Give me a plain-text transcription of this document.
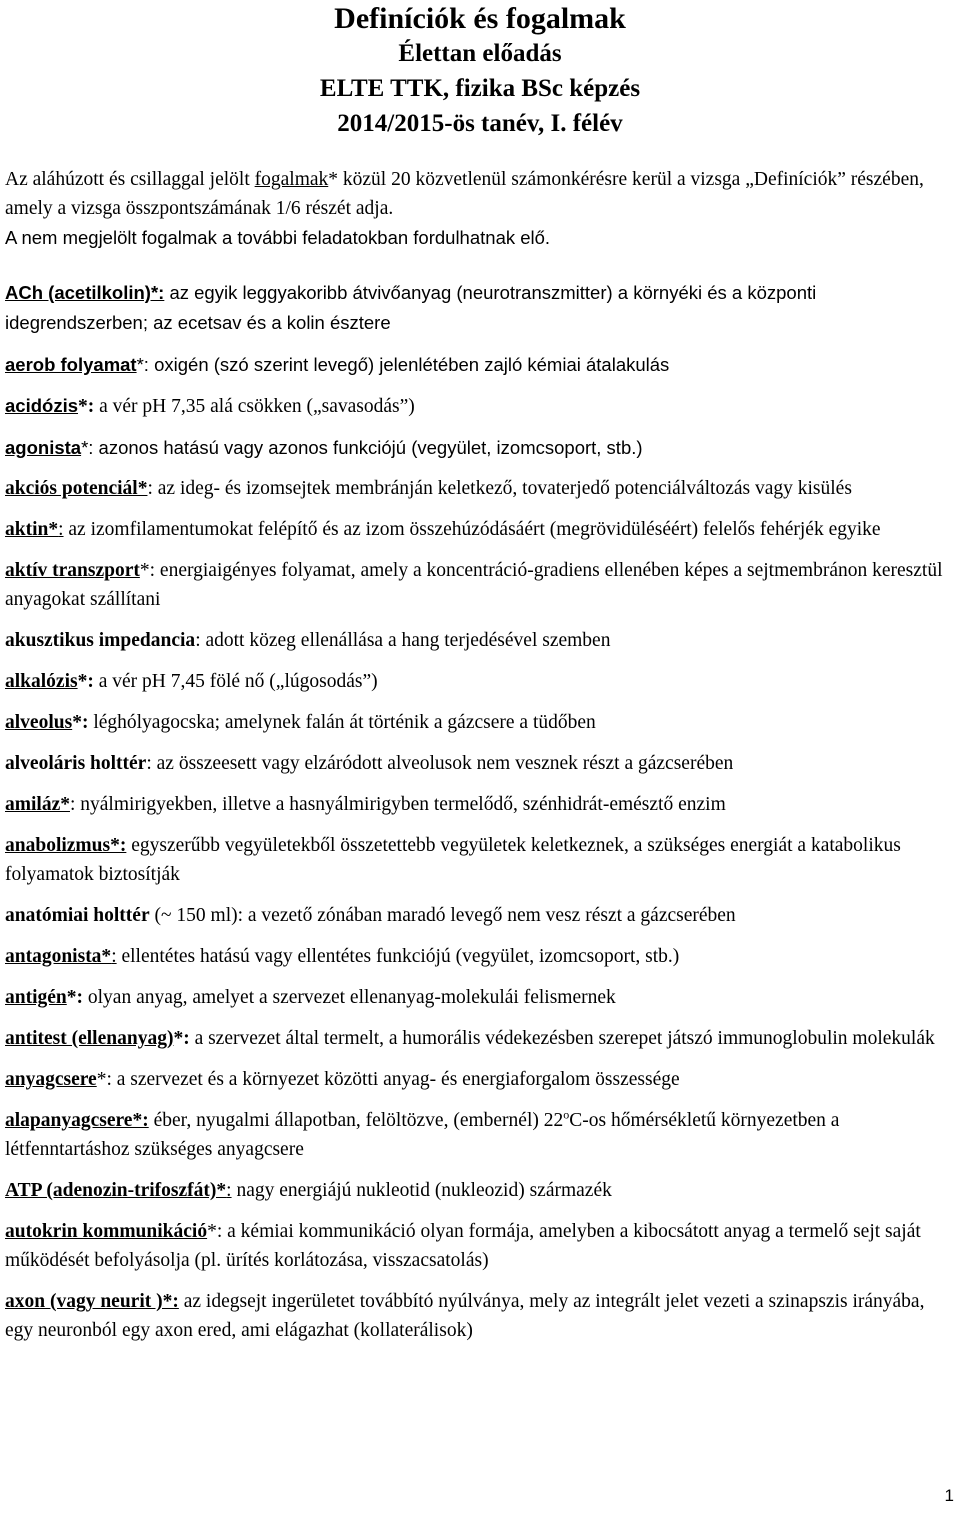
Definíciók és fogalmak
Élettan előadás
ELTE TTK, fizika BSc képzés
2014/2015-ös tanév, I. félév
Az aláhúzott és csillaggal jelölt fogalmak* közül 20 közvetlenül számonkérésre kerül a vizsga „Definíciók” részében, amely a vizsga összpontszámának 1/6 részét adja.
A nem megjelölt fogalmak a további feladatokban fordulhatnak elő.
ACh (acetilkolin)*: az egyik leggyakoribb átvivőanyag (neurotranszmitter) a környéki és a központi idegrendszerben; az ecetsav és a kolin észtere
aerob folyamat*: oxigén (szó szerint levegő) jelenlétében zajló kémiai átalakulás
acidózis*: a vér pH 7,35 alá csökken („savasodás”)
agonista*: azonos hatású vagy azonos funkciójú (vegyület, izomcsoport, stb.)
akciós potenciál*: az ideg- és izomsejtek membránján keletkező, tovaterjedő potenciálváltozás vagy kisülés
aktin*: az izomfilamentumokat felépítő és az izom összehúzódásáért (megrövidüléséért) felelős fehérjék egyike
aktív transzport*: energiaigényes folyamat, amely a koncentráció-gradiens ellenében képes a sejtmembránon keresztül anyagokat szállítani
akusztikus impedancia: adott közeg ellenállása a hang terjedésével szemben
alkalózis*: a vér pH 7,45 fölé nő („lúgosodás”)
alveolus*: léghólyagocska; amelynek falán át történik a gázcsere a tüdőben
alveoláris holttér: az összeesett vagy elzáródott alveolusok nem vesznek részt a gázcserében
amiláz*: nyálmirigyekben, illetve a hasnyálmirigyben termelődő, szénhidrát-emésztő enzim
anabolizmus*: egyszerűbb vegyületekből összetettebb vegyületek keletkeznek, a szükséges energiát a katabolikus folyamatok biztosítják
anatómiai holttér (~ 150 ml): a vezető zónában maradó levegő nem vesz részt a gázcserében
antagonista*: ellentétes hatású vagy ellentétes funkciójú (vegyület, izomcsoport, stb.)
antigén*: olyan anyag, amelyet a szervezet ellenanyag-molekulái felismernek
antitest (ellenanyag)*: a szervezet által termelt, a humorális védekezésben szerepet játszó immunoglobulin molekulák
anyagcsere*: a szervezet és a környezet közötti anyag- és energiaforgalom összessége
alapanyagcsere*: éber, nyugalmi állapotban, felöltözve, (embernél) 22$^o$C-os hőmérsékletű környezetben a létfenntartáshoz szükséges anyagcsere
ATP (adenozin-trifoszfát)*: nagy energiájú nukleotid (nukleozid) származék
autokrin kommunikáció*: a kémiai kommunikáció olyan formája, amelyben a kibocsátott anyag a termelő sejt saját működését befolyásolja (pl. ürítés korlátozása, visszacsatolás)
axon (vagy neurit )*: az idegsejt ingerületet továbbító nyúlványa, mely az integrált jelet vezeti a szinapszis irányába, egy neuronból egy axon ered, ami elágazhat (kollaterálisok)
1
